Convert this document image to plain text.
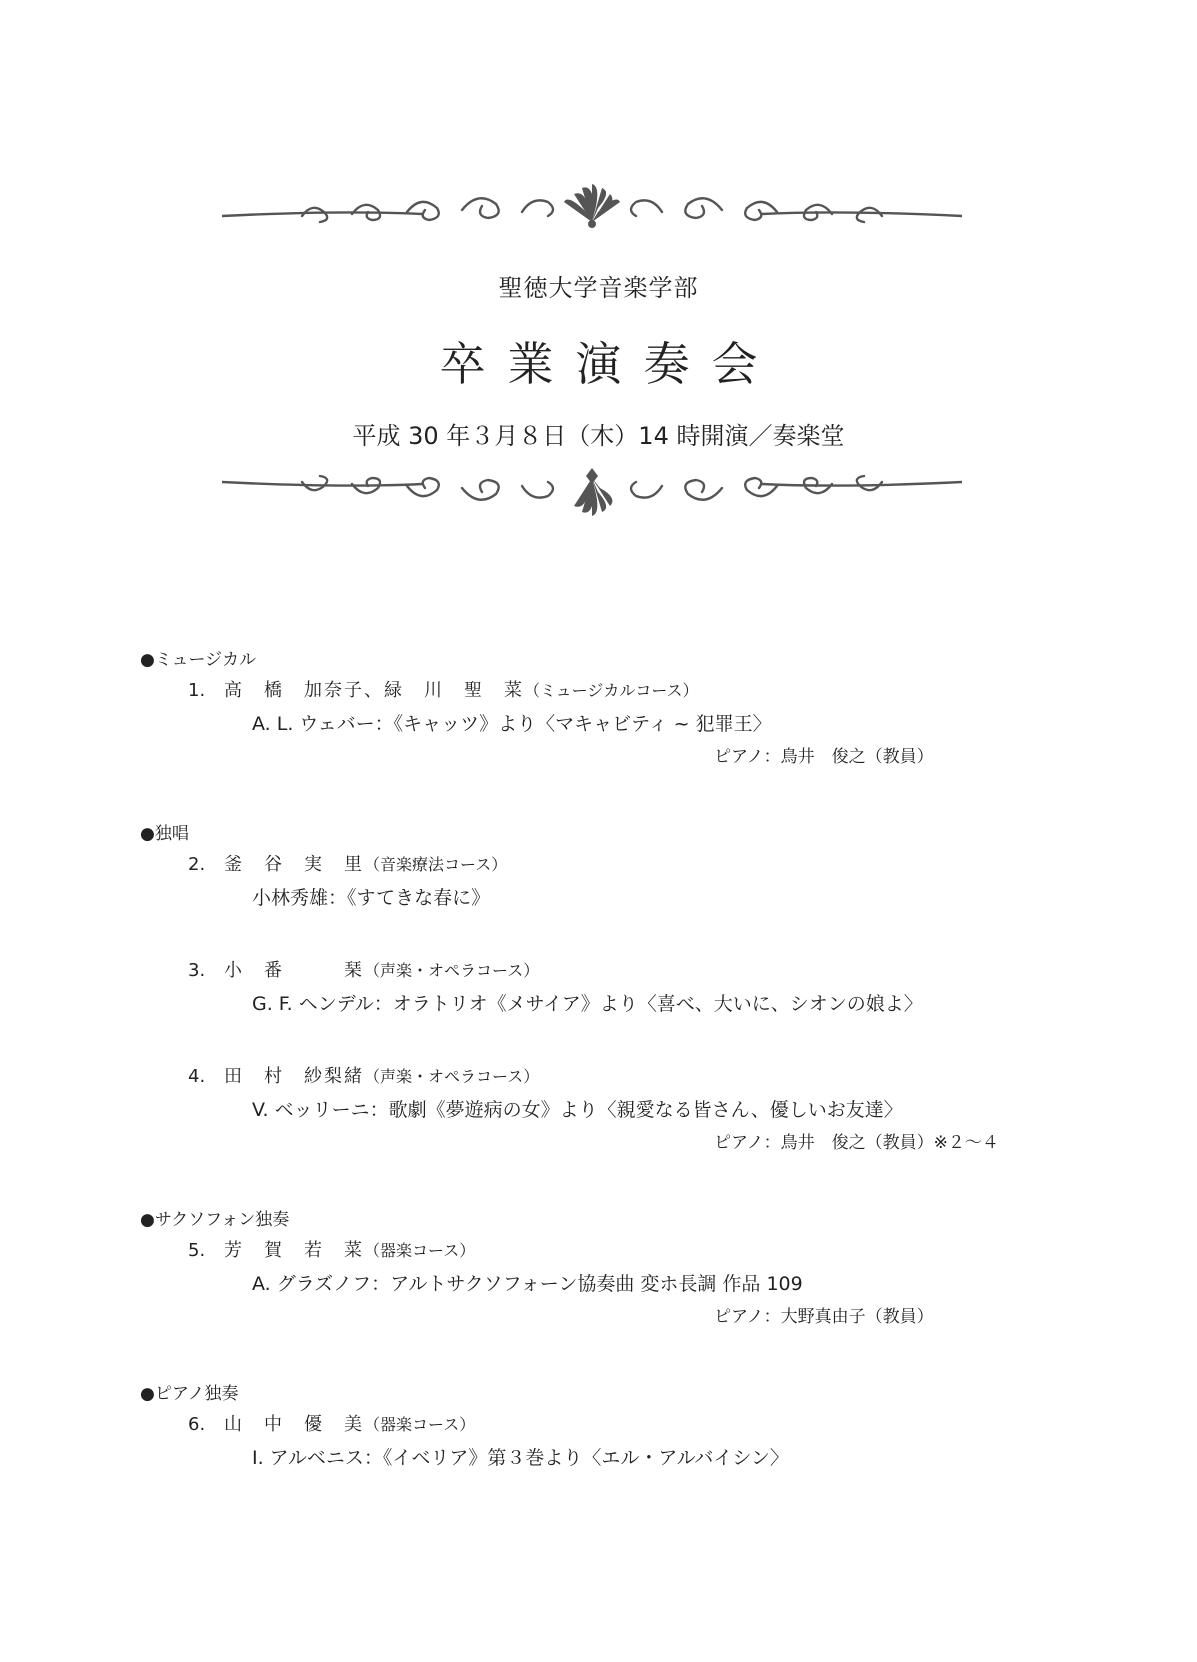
聖徳大学音楽学部
卒業演奏会
平成 30 年３月８日（木）14 時開演／奏楽堂
●ミュージカル
1. 高　橋　加奈子、緑　川　聖　菜（ミュージカルコース）
A. L. ウェバー：《キャッツ》より〈マキャビティ ~ 犯罪王〉
ピアノ：鳥井　俊之（教員）
●独唱
2. 釜　谷　実　里（音楽療法コース）
小林秀雄：《すてきな春に》
3. 小　番　　　琹（声楽・オペラコース）
G. F. ヘンデル：オラトリオ《メサイア》より〈喜べ、大いに、シオンの娘よ〉
4. 田　村　紗梨緒（声楽・オペラコース）
V. ベッリーニ：歌劇《夢遊病の女》より〈親愛なる皆さん、優しいお友達〉
ピアノ：鳥井　俊之（教員）※２～４
●サクソフォン独奏
5. 芳　賀　若　菜（器楽コース）
A. グラズノフ：アルトサクソフォーン協奏曲 変ホ長調 作品 109
ピアノ：大野真由子（教員）
●ピアノ独奏
6. 山　中　優　美（器楽コース）
I. アルベニス：《イベリア》第３巻より〈エル・アルバイシン〉
